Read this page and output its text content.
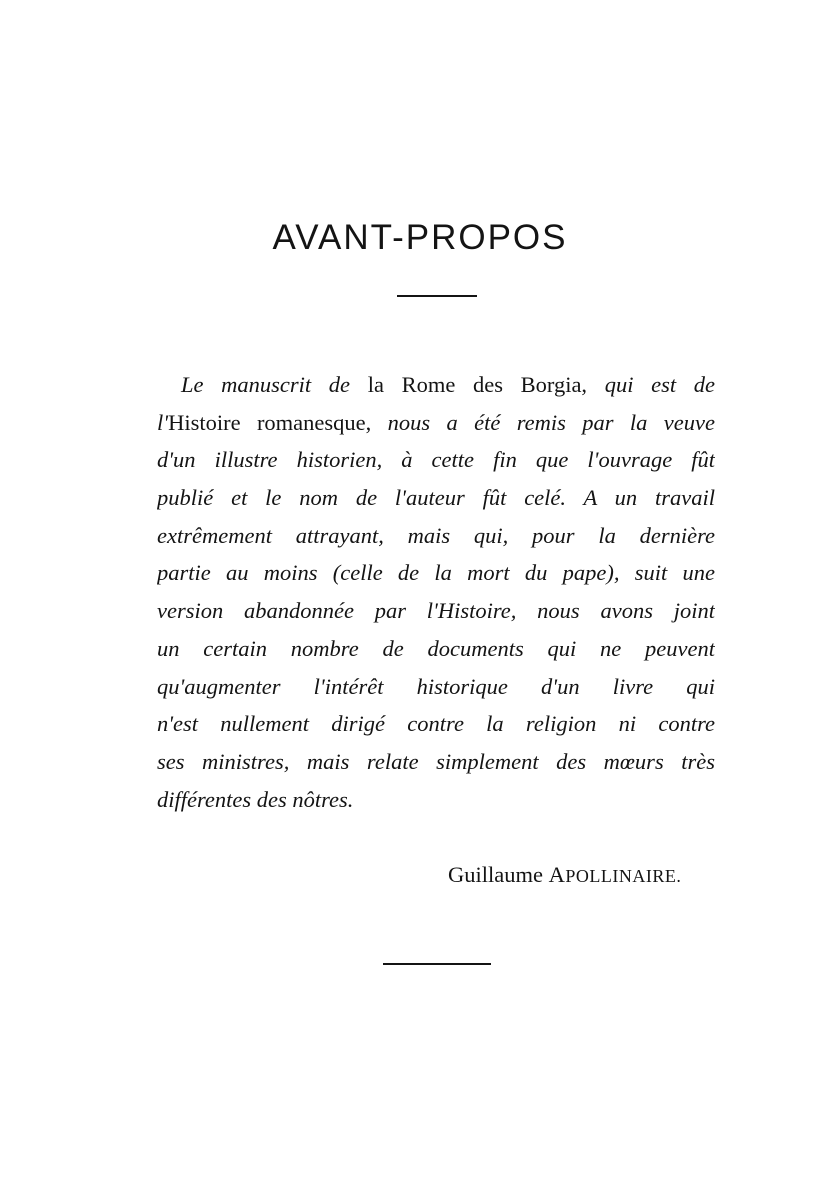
AVANT-PROPOS
Le manuscrit de la Rome des Borgia, qui est de
l'Histoire romanesque, nous a été remis par la veuve
d'un illustre historien, à cette fin que l'ouvrage fût
publié et le nom de l'auteur fût celé. A un travail
extrêmement attrayant, mais qui, pour la dernière
partie au moins (celle de la mort du pape), suit une
version abandonnée par l'Histoire, nous avons joint
un certain nombre de documents qui ne peuvent
qu'augmenter l'intérêt historique d'un livre qui
n'est nullement dirigé contre la religion ni contre
ses ministres, mais relate simplement des mœurs très
différentes des nôtres.

Guillaume APOLLINAIRE.
